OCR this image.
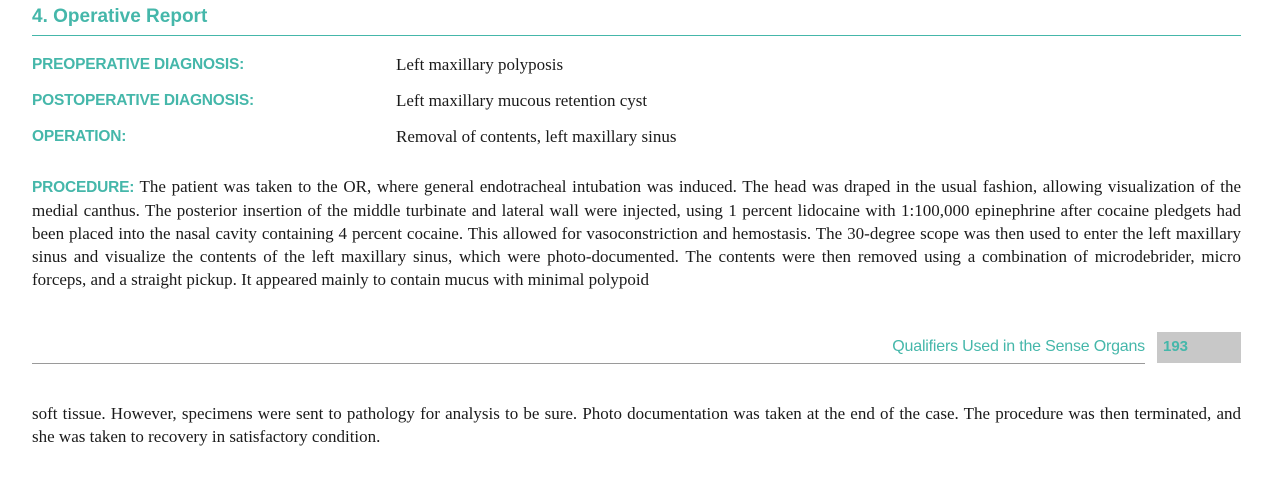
4. Operative Report
PREOPERATIVE DIAGNOSIS:	Left maxillary polyposis
POSTOPERATIVE DIAGNOSIS:	Left maxillary mucous retention cyst
OPERATION:	Removal of contents, left maxillary sinus

PROCEDURE: The patient was taken to the OR, where general endotracheal intubation was induced. The head was draped in the usual fashion, allowing visualization of the medial canthus. The posterior insertion of the middle turbinate and lateral wall were injected, using 1 percent lidocaine with 1:100,000 epinephrine after cocaine pledgets had been placed into the nasal cavity containing 4 percent cocaine. This allowed for vasoconstriction and hemostasis. The 30-degree scope was then used to enter the left maxillary sinus and visualize the contents of the left maxillary sinus, which were photo-documented. The contents were then removed using a combination of microdebrider, micro forceps, and a straight pickup. It appeared mainly to contain mucus with minimal polypoid

Qualifiers Used in the Sense Organs 193

soft tissue. However, specimens were sent to pathology for analysis to be sure. Photo documentation was taken at the end of the case. The procedure was then terminated, and she was taken to recovery in satisfactory condition.
